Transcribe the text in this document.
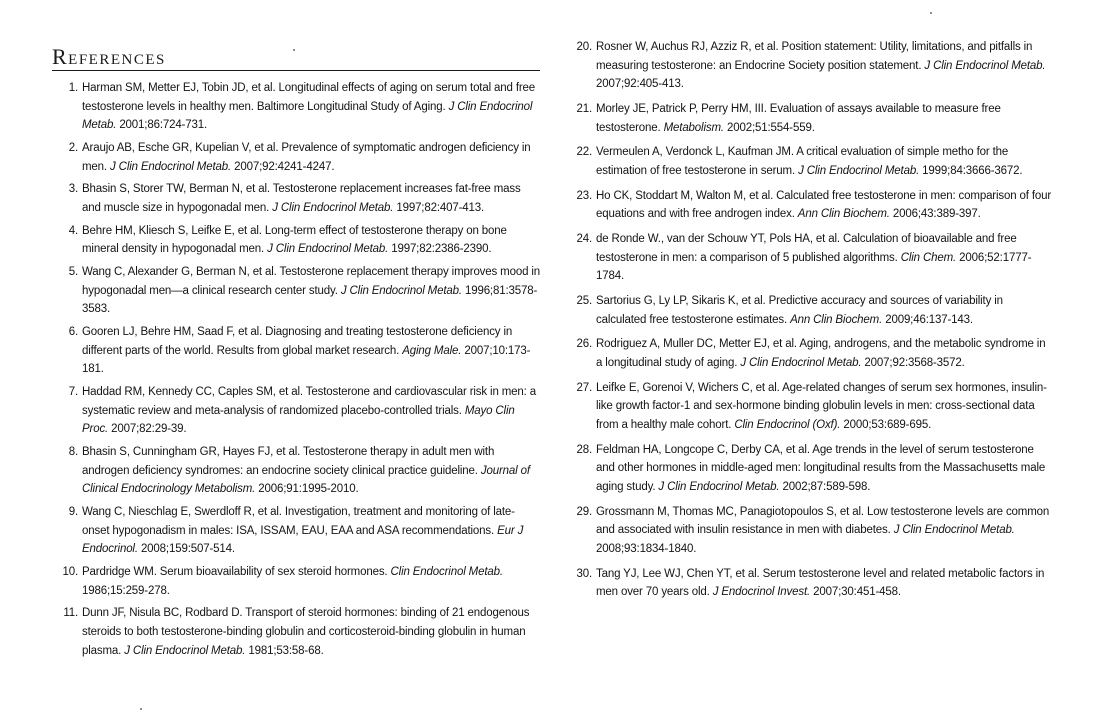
References
1. Harman SM, Metter EJ, Tobin JD, et al. Longitudinal effects of aging on serum total and free testosterone levels in healthy men. Baltimore Longitudinal Study of Aging. J Clin Endocrinol Metab. 2001;86:724-731.
2. Araujo AB, Esche GR, Kupelian V, et al. Prevalence of symptomatic androgen deficiency in men. J Clin Endocrinol Metab. 2007;92:4241-4247.
3. Bhasin S, Storer TW, Berman N, et al. Testosterone replacement increases fat-free mass and muscle size in hypogonadal men. J Clin Endocrinol Metab. 1997;82:407-413.
4. Behre HM, Kliesch S, Leifke E, et al. Long-term effect of testosterone therapy on bone mineral density in hypogonadal men. J Clin Endocrinol Metab. 1997;82:2386-2390.
5. Wang C, Alexander G, Berman N, et al. Testosterone replacement therapy improves mood in hypogonadal men—a clinical research center study. J Clin Endocrinol Metab. 1996;81:3578-3583.
6. Gooren LJ, Behre HM, Saad F, et al. Diagnosing and treating testosterone deficiency in different parts of the world. Results from global market research. Aging Male. 2007;10:173-181.
7. Haddad RM, Kennedy CC, Caples SM, et al. Testosterone and cardiovascular risk in men: a systematic review and meta-analysis of randomized placebo-controlled trials. Mayo Clin Proc. 2007;82:29-39.
8. Bhasin S, Cunningham GR, Hayes FJ, et al. Testosterone therapy in adult men with androgen deficiency syndromes: an endocrine society clinical practice guideline. Journal of Clinical Endocrinology Metabolism. 2006;91:1995-2010.
9. Wang C, Nieschlag E, Swerdloff R, et al. Investigation, treatment and monitoring of late-onset hypogonadism in males: ISA, ISSAM, EAU, EAA and ASA recommendations. Eur J Endocrinol. 2008;159:507-514.
10. Pardridge WM. Serum bioavailability of sex steroid hormones. Clin Endocrinol Metab. 1986;15:259-278.
11. Dunn JF, Nisula BC, Rodbard D. Transport of steroid hormones: binding of 21 endogenous steroids to both testosterone-binding globulin and corticosteroid-binding globulin in human plasma. J Clin Endocrinol Metab. 1981;53:58-68.
20. Rosner W, Auchus RJ, Azziz R, et al. Position statement: Utility, limitations, and pitfalls in measuring testosterone: an Endocrine Society position statement. J Clin Endocrinol Metab. 2007;92:405-413.
21. Morley JE, Patrick P, Perry HM, III. Evaluation of assays available to measure free testosterone. Metabolism. 2002;51:554-559.
22. Vermeulen A, Verdonck L, Kaufman JM. A critical evaluation of simple metho for the estimation of free testosterone in serum. J Clin Endocrinol Metab. 1999;84:3666-3672.
23. Ho CK, Stoddart M, Walton M, et al. Calculated free testosterone in men: comparison of four equations and with free androgen index. Ann Clin Biochem. 2006;43:389-397.
24. de Ronde W., van der Schouw YT, Pols HA, et al. Calculation of bioavailable and free testosterone in men: a comparison of 5 published algorithms. Clin Chem. 2006;52:1777-1784.
25. Sartorius G, Ly LP, Sikaris K, et al. Predictive accuracy and sources of variability in calculated free testosterone estimates. Ann Clin Biochem. 2009;46:137-143.
26. Rodriguez A, Muller DC, Metter EJ, et al. Aging, androgens, and the metabolic syndrome in a longitudinal study of aging. J Clin Endocrinol Metab. 2007;92:3568-3572.
27. Leifke E, Gorenoi V, Wichers C, et al. Age-related changes of serum sex hormones, insulin-like growth factor-1 and sex-hormone binding globulin levels in men: cross-sectional data from a healthy male cohort. Clin Endocrinol (Oxf). 2000;53:689-695.
28. Feldman HA, Longcope C, Derby CA, et al. Age trends in the level of serum testosterone and other hormones in middle-aged men: longitudinal results from the Massachusetts male aging study. J Clin Endocrinol Metab. 2002;87:589-598.
29. Grossmann M, Thomas MC, Panagiotopoulos S, et al. Low testosterone levels are common and associated with insulin resistance in men with diabetes. J Clin Endocrinol Metab. 2008;93:1834-1840.
30. Tang YJ, Lee WJ, Chen YT, et al. Serum testosterone level and related metabolic factors in men over 70 years old. J Endocrinol Invest. 2007;30:451-458.
